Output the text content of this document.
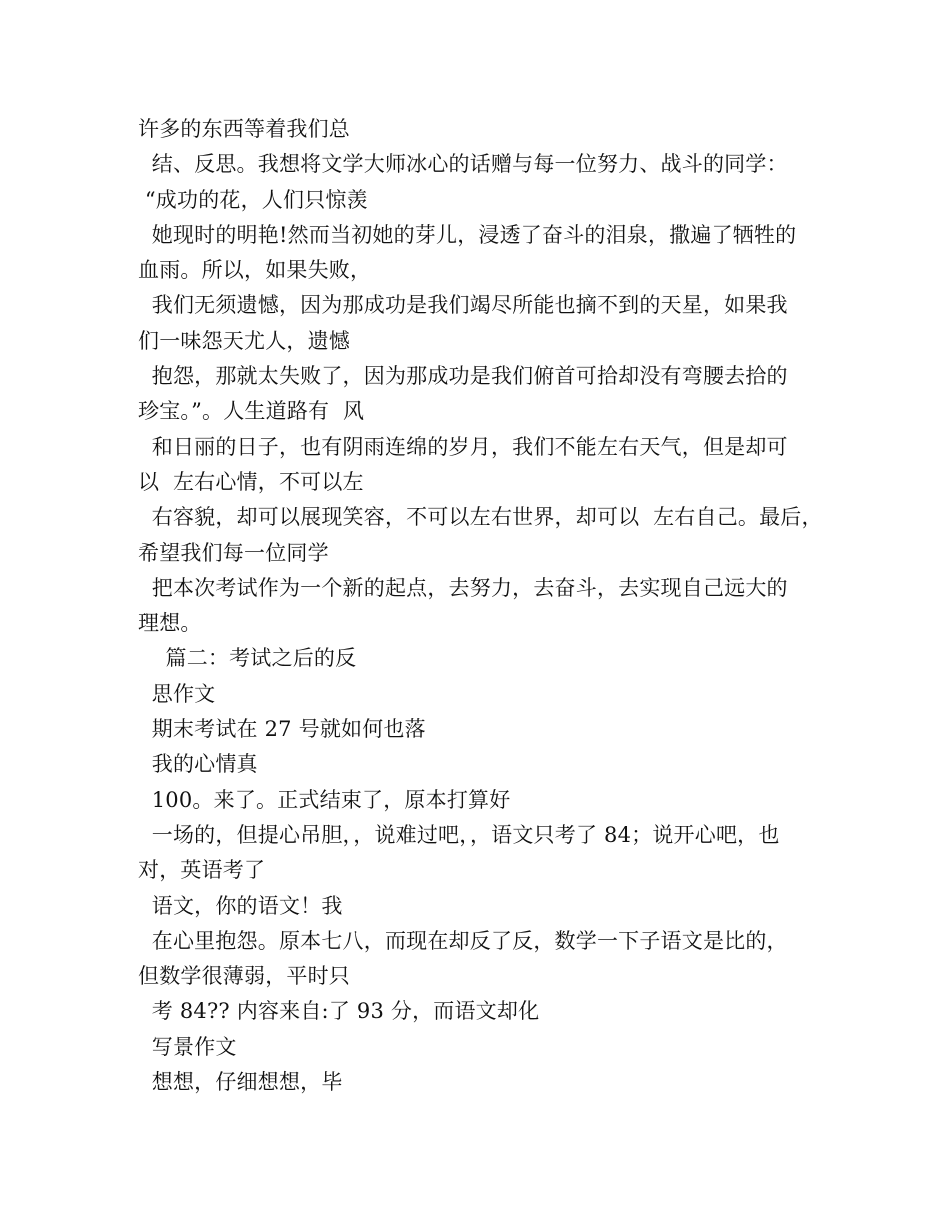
许多的东西等着我们总
结、反思。我想将文学大师冰心的话赠与每一位努力、战斗的同学：
“成功的花，人们只惊羡
她现时的明艳!然而当初她的芽儿，浸透了奋斗的泪泉，撒遍了牺牲的
血雨。所以，如果失败，
我们无须遗憾，因为那成功是我们竭尽所能也摘不到的天星，如果我
们一味怨天尤人，遗憾
抱怨，那就太失败了，因为那成功是我们俯首可拾却没有弯腰去拾的
珍宝。”。人生道路有  风
和日丽的日子，也有阴雨连绵的岁月，我们不能左右天气，但是却可
以  左右心情，不可以左
右容貌，却可以展现笑容，不可以左右世界，却可以  左右自己。最后，
希望我们每一位同学
把本次考试作为一个新的起点，去努力，去奋斗，去实现自己远大的
理想。
篇二：考试之后的反
思作文
期末考试在 27 号就如何也落
我的心情真
100。来了。正式结束了，原本打算好
一场的，但提心吊胆，，说难过吧，，语文只考了 84；说开心吧，也
对，英语考了
语文，你的语文！我
在心里抱怨。原本七八，而现在却反了反，数学一下子语文是比的，
但数学很薄弱，平时只
考 84?? 内容来自:了 93 分，而语文却化
写景作文
想想，仔细想想，毕
